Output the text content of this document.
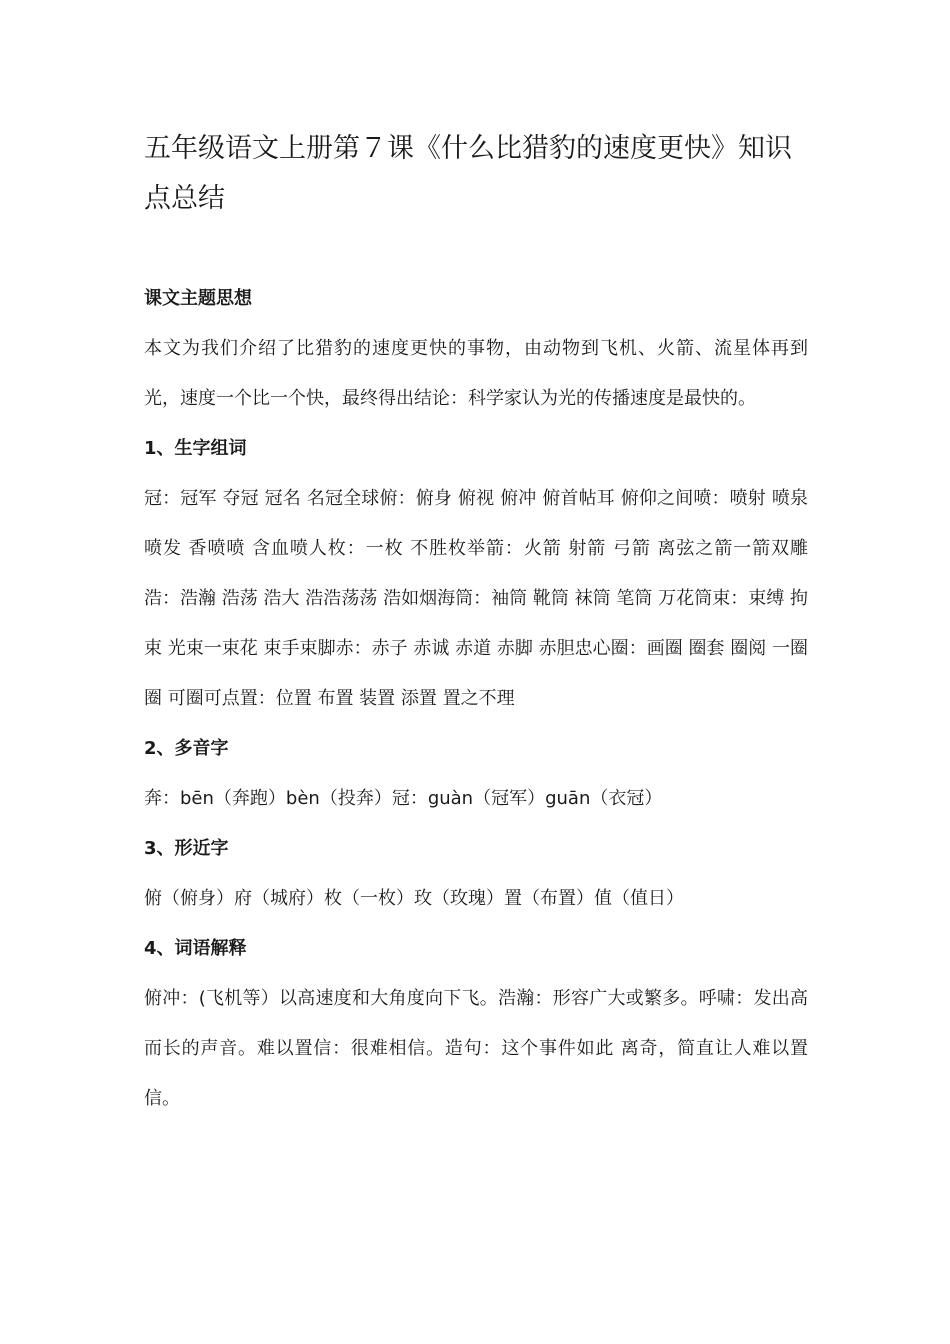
五年级语文上册第７课《什么比猎豹的速度更快》知识点总结
课文主题思想

本文为我们介绍了比猎豹的速度更快的事物，由动物到飞机、火箭、流星体再到光，速度一个比一个快，最终得出结论：科学家认为光的传播速度是最快的。

1、生字组词

冠：冠军 夺冠 冠名 名冠全球俯：俯身 俯视 俯冲 俯首帖耳 俯仰之间喷：喷射 喷泉 喷发 香喷喷 含血喷人枚：一枚 不胜枚举箭：火箭 射箭 弓箭 离弦之箭一箭双雕浩：浩瀚 浩荡 浩大 浩浩荡荡 浩如烟海筒：袖筒 靴筒 袜筒 笔筒 万花筒束：束缚 拘束 光束一束花 束手束脚赤：赤子 赤诚 赤道 赤脚 赤胆忠心圈：画圈 圈套 圈阅 一圈圈 可圈可点置：位置 布置 装置 添置 置之不理

2、多音字

奔：bēn（奔跑）bèn（投奔）冠：guàn（冠军）guān（衣冠）

3、形近字

俯（俯身）府（城府）枚（一枚）玫（玫瑰）置（布置）值（值日）

4、词语解释

俯冲：(飞机等）以高速度和大角度向下飞。浩瀚：形容广大或繁多。呼啸：发出高而长的声音。难以置信：很难相信。造句：这个事件如此 离奇，简直让人难以置信。
